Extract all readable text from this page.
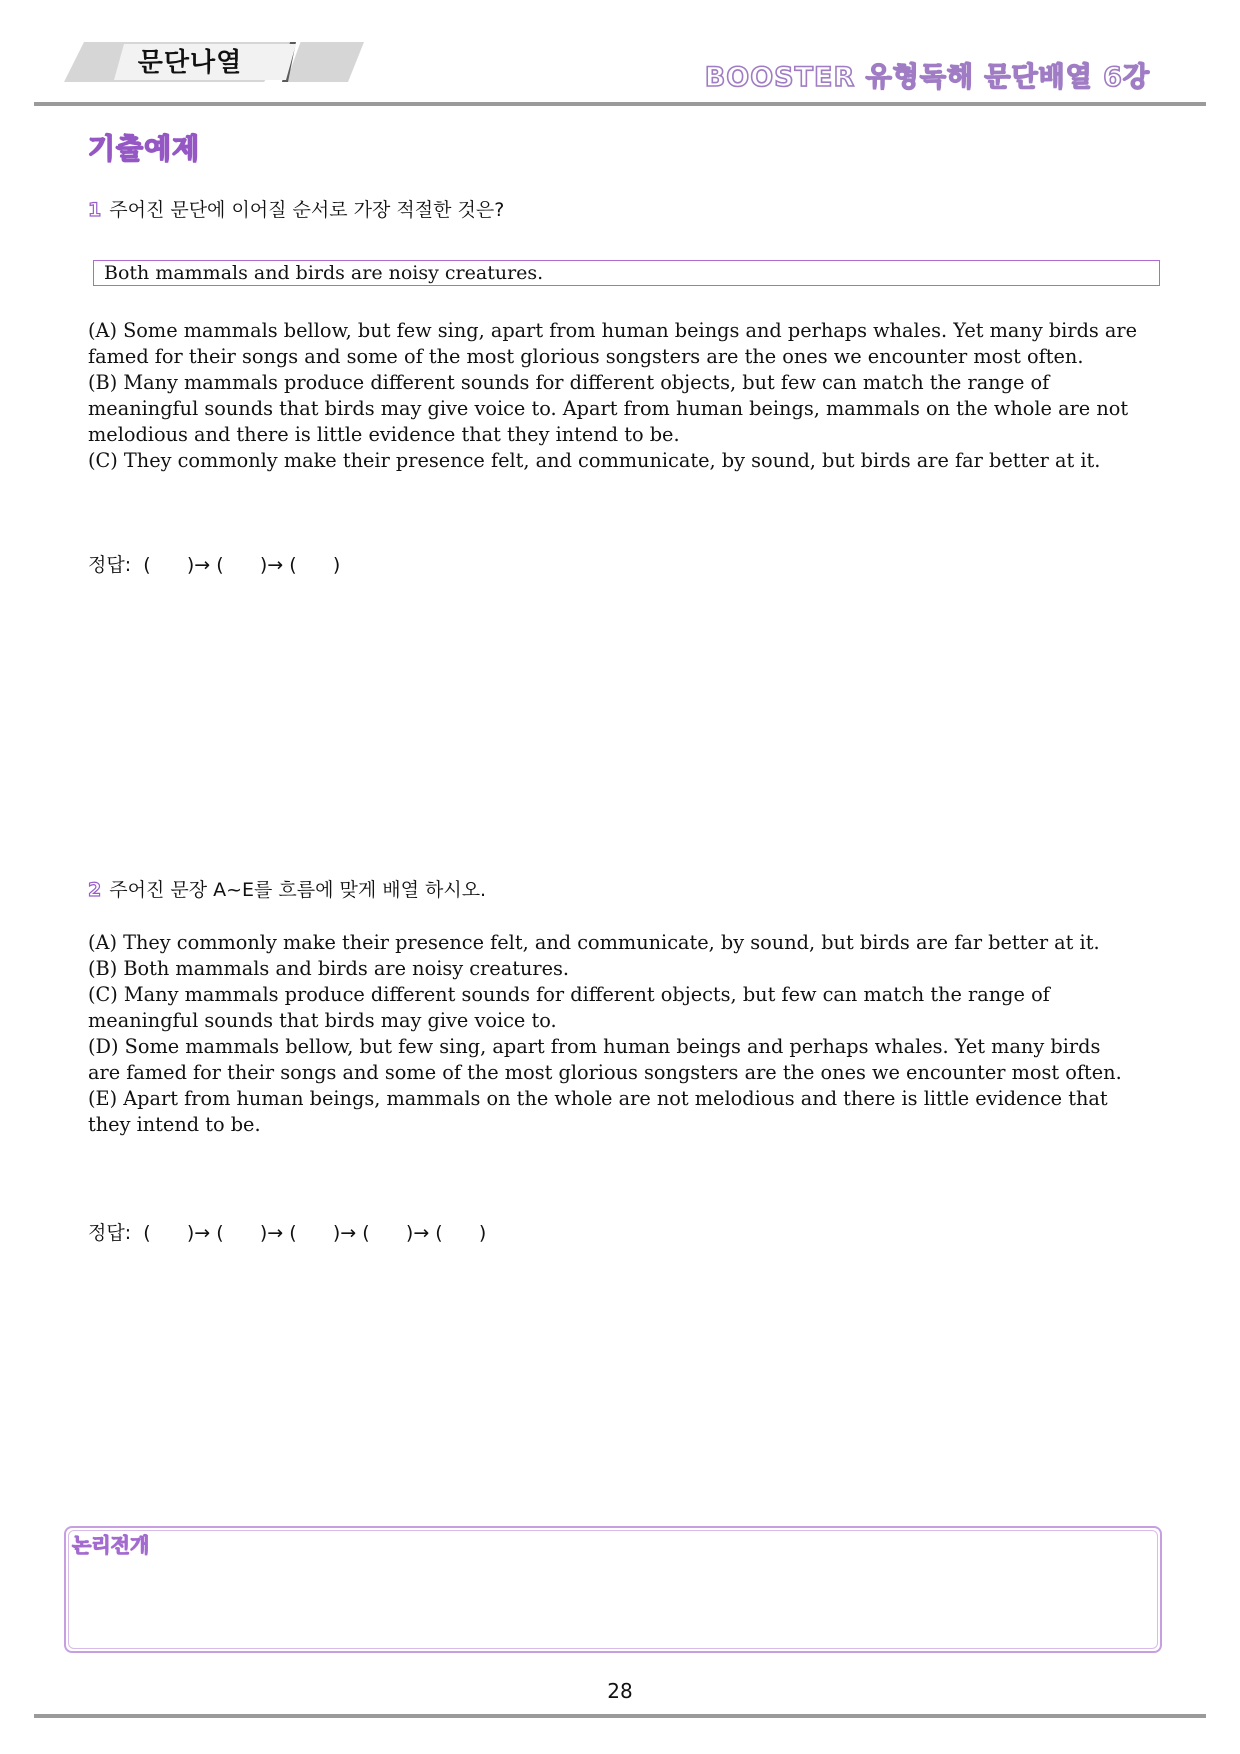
문단나열	BOOSTER 유형독해 문단배열 6강
기출예제
1 주어진 문단에 이어질 순서로 가장 적절한 것은?
Both mammals and birds are noisy creatures.

(A) Some mammals bellow, but few sing, apart from human beings and perhaps whales. Yet many birds are famed for their songs and some of the most glorious songsters are the ones we encounter most often.

(B) Many mammals produce different sounds for different objects, but few can match the range of meaningful sounds that birds may give voice to. Apart from human beings, mammals on the whole are not melodious and there is little evidence that they intend to be.

(C) They commonly make their presence felt, and communicate, by sound, but birds are far better at it.

정답:  (      )→ (      )→ (      )
2 주어진 문장 A~E를 흐름에 맞게 배열 하시오.

(A) They commonly make their presence felt, and communicate, by sound, but birds are far better at it.

(B) Both mammals and birds are noisy creatures.

(C) Many mammals produce different sounds for different objects, but few can match the range of meaningful sounds that birds may give voice to.

(D) Some mammals bellow, but few sing, apart from human beings and perhaps whales. Yet many birds are famed for their songs and some of the most glorious songsters are the ones we encounter most often.

(E) Apart from human beings, mammals on the whole are not melodious and there is little evidence that they intend to be.

정답:  (      )→ (      )→ (      )→ (      )→ (      )
논리전개
28
